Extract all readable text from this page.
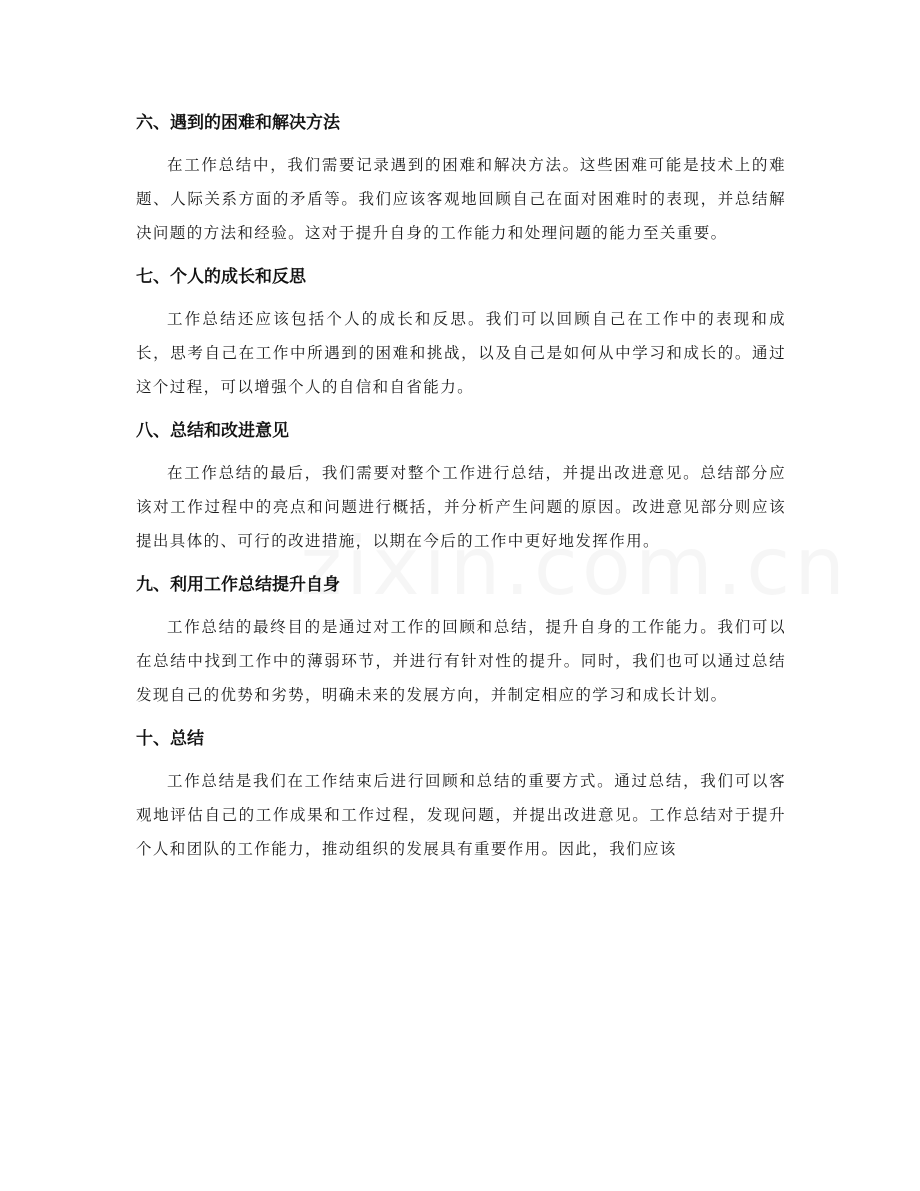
六、遇到的困难和解决方法

在工作总结中，我们需要记录遇到的困难和解决方法。这些困难可能是技术上的难题、人际关系方面的矛盾等。我们应该客观地回顾自己在面对困难时的表现，并总结解决问题的方法和经验。这对于提升自身的工作能力和处理问题的能力至关重要。

七、个人的成长和反思

工作总结还应该包括个人的成长和反思。我们可以回顾自己在工作中的表现和成长，思考自己在工作中所遇到的困难和挑战，以及自己是如何从中学习和成长的。通过这个过程，可以增强个人的自信和自省能力。

八、总结和改进意见

在工作总结的最后，我们需要对整个工作进行总结，并提出改进意见。总结部分应该对工作过程中的亮点和问题进行概括，并分析产生问题的原因。改进意见部分则应该提出具体的、可行的改进措施，以期在今后的工作中更好地发挥作用。

九、利用工作总结提升自身

工作总结的最终目的是通过对工作的回顾和总结，提升自身的工作能力。我们可以在总结中找到工作中的薄弱环节，并进行有针对性的提升。同时，我们也可以通过总结发现自己的优势和劣势，明确未来的发展方向，并制定相应的学习和成长计划。

十、总结

工作总结是我们在工作结束后进行回顾和总结的重要方式。通过总结，我们可以客观地评估自己的工作成果和工作过程，发现问题，并提出改进意见。工作总结对于提升个人和团队的工作能力，推动组织的发展具有重要作用。因此，我们应该
